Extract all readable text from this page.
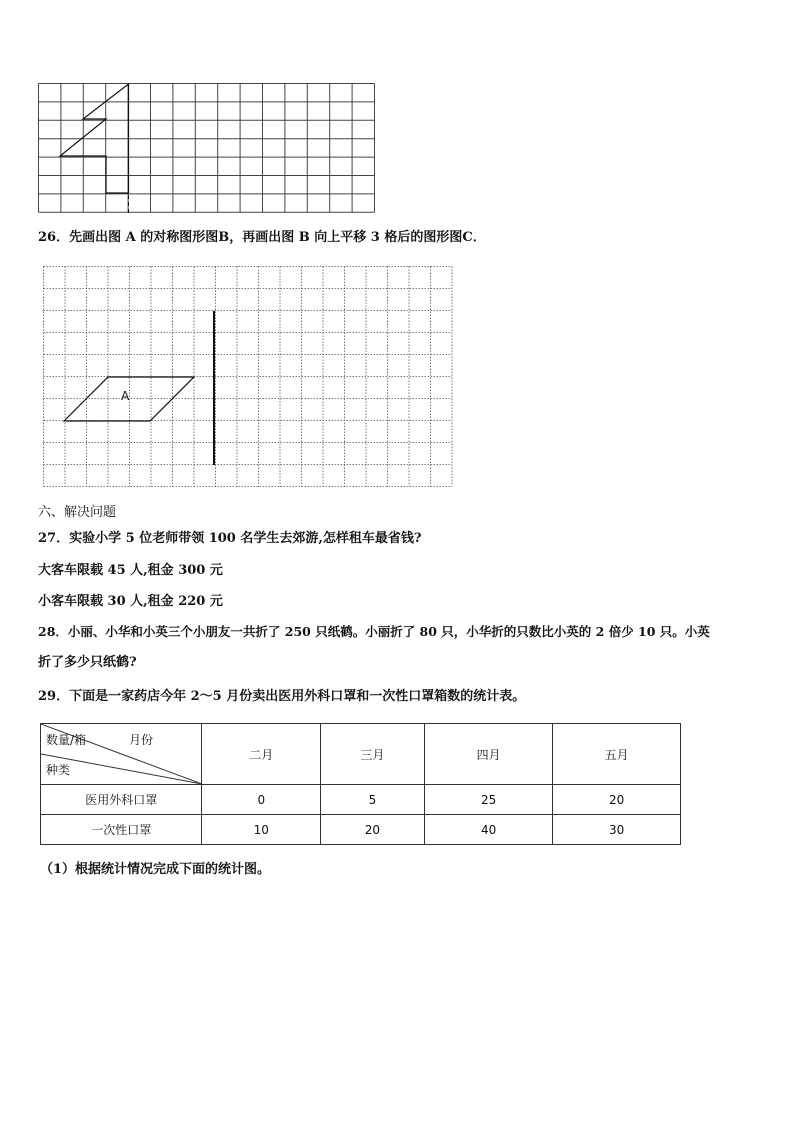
26．先画出图 A 的对称图形图B，再画出图 B 向上平移 3 格后的图形图C．
A
六、解决问题
27．实验小学 5 位老师带领 100 名学生去郊游,怎样租车最省钱?
大客车限载 45 人,租金 300 元
小客车限载 30 人,租金 220 元
28．小丽、小华和小英三个小朋友一共折了 250 只纸鹤。小丽折了 80 只，小华折的只数比小英的 2 倍少 10 只。小英
折了多少只纸鹤?
29．下面是一家药店今年 2～5 月份卖出医用外科口罩和一次性口罩箱数的统计表。
数量/箱 月份
种类	二月	三月	四月	五月
医用外科口罩	0	5	25	20
一次性口罩	10	20	40	30
（1）根据统计情况完成下面的统计图。
